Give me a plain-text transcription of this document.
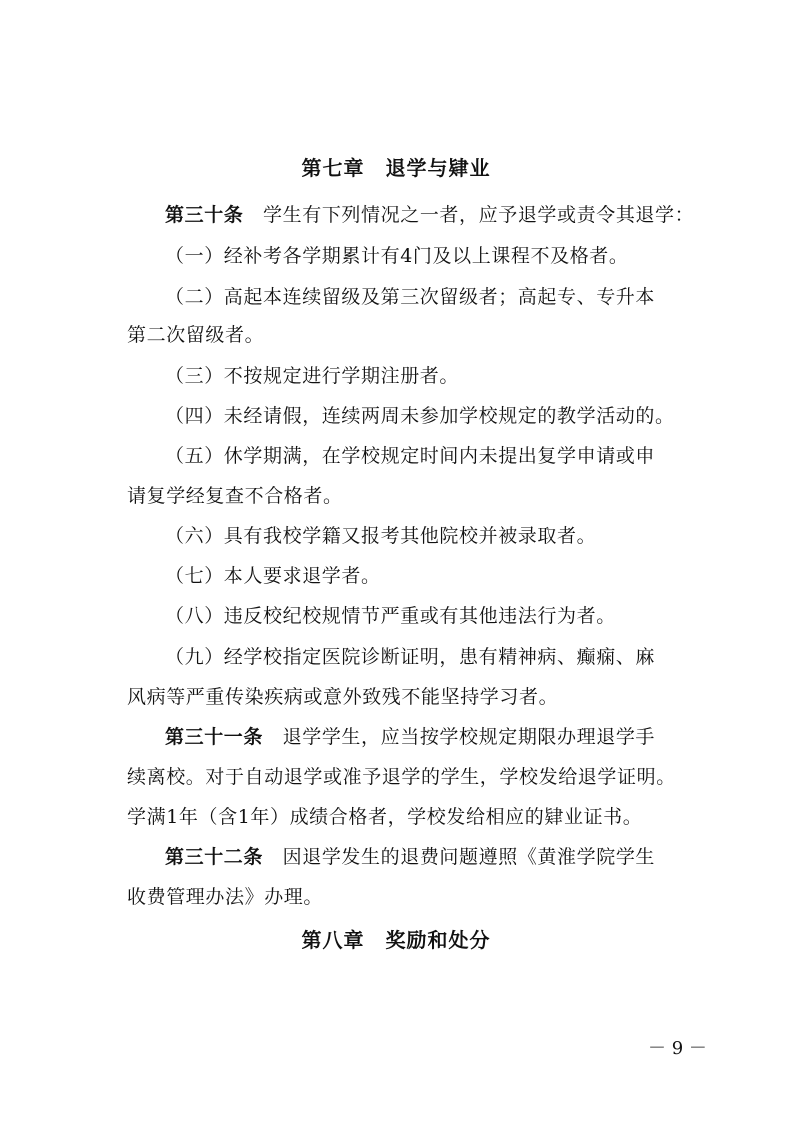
第七章　退学与肄业
第三十条　 学生有下列情况之一者，应予退学或责令其退学：
（一）经补考各学期累计有4门及以上课程不及格者。
（二）高起本连续留级及第三次留级者；高起专、专升本
第二次留级者。
（三）不按规定进行学期注册者。
（四）未经请假，连续两周未参加学校规定的教学活动的。
（五）休学期满，在学校规定时间内未提出复学申请或申
请复学经复查不合格者。
（六）具有我校学籍又报考其他院校并被录取者。
（七）本人要求退学者。
（八）违反校纪校规情节严重或有其他违法行为者。
（九）经学校指定医院诊断证明，患有精神病、癫痫、麻
风病等严重传染疾病或意外致残不能坚持学习者。
第三十一条　 退学学生，应当按学校规定期限办理退学手
续离校。对于自动退学或准予退学的学生，学校发给退学证明。
学满1年（含1年）成绩合格者，学校发给相应的肄业证书。
第三十二条　 因退学发生的退费问题遵照《黄淮学院学生
收费管理办法》办理。
第八章　奖励和处分
－ 9 －
